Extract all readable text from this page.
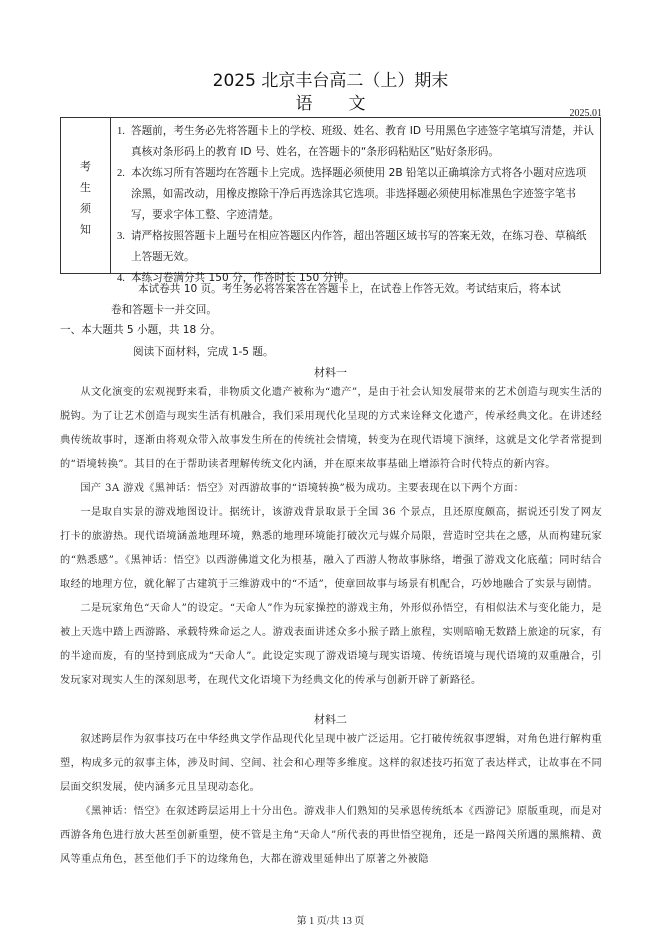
2025 北京丰台高二（上）期末
语 文	2025.01
考
生
须
知
1. 答题前，考生务必先将答题卡上的学校、班级、姓名、教育 ID 号用黑色字迹签字笔填写清楚，并认真核对条形码上的教育 ID 号、姓名，在答题卡的“条形码粘贴区”贴好条形码。
2. 本次练习所有答题均在答题卡上完成。选择题必须使用 2B 铅笔以正确填涂方式将各小题对应选项涂黑，如需改动，用橡皮擦除干净后再选涂其它选项。非选择题必须使用标准黑色字迹签字笔书写，要求字体工整、字迹清楚。
3. 请严格按照答题卡上题号在相应答题区内作答，超出答题区域书写的答案无效，在练习卷、草稿纸上答题无效。
4. 本练习卷满分共 150 分，作答时长 150 分钟。
本试卷共 10 页。考生务必将答案答在答题卡上，在试卷上作答无效。考试结束后，将本试
卷和答题卡一并交回。
一、本大题共 5 小题，共 18 分。
阅读下面材料，完成 1-5 题。
材料一

从文化演变的宏观视野来看，非物质文化遗产被称为“遗产”，是由于社会认知发展带来的艺术创造与现实生活的脱钩。为了让艺术创造与现实生活有机融合，我们采用现代化呈现的方式来诠释文化遗产，传承经典文化。在讲述经典传统故事时，逐渐由将观众带入故事发生所在的传统社会情境，转变为在现代语境下演绎，这就是文化学者常提到的“语境转换”。其目的在于帮助读者理解传统文化内涵，并在原来故事基础上增添符合时代特点的新内容。

国产 3A 游戏《黑神话：悟空》对西游故事的“语境转换”极为成功。主要表现在以下两个方面：

一是取自实景的游戏地图设计。据统计，该游戏背景取景于全国 36 个景点，且还原度颇高，据说还引发了网友打卡的旅游热。现代语境涵盖地理环境，熟悉的地理环境能打破次元与媒介局限，营造时空共在之感，从而构建玩家的“熟悉感”。《黑神话：悟空》以西游佛道文化为根基，融入了西游人物故事脉络，增强了游戏文化底蕴；同时结合取经的地理方位，就化解了古建筑于三维游戏中的“不适”，使章回故事与场景有机配合，巧妙地融合了实景与剧情。

二是玩家角色“天命人”的设定。“天命人”作为玩家操控的游戏主角，外形似孙悟空，有相似法术与变化能力，是被上天选中踏上西游路、承载特殊命运之人。游戏表面讲述众多小猴子踏上旅程，实则暗喻无数踏上旅途的玩家，有的半途而废，有的坚持到底成为“天命人”。此设定实现了游戏语境与现实语境、传统语境与现代语境的双重融合，引发玩家对现实人生的深刻思考，在现代文化语境下为经典文化的传承与创新开辟了新路径。

材料二

叙述跨层作为叙事技巧在中华经典文学作品现代化呈现中被广泛运用。它打破传统叙事逻辑，对角色进行解构重塑，构成多元的叙事主体，涉及时间、空间、社会和心理等多维度。这样的叙述技巧拓宽了表达样式，让故事在不同层面交织发展，使内涵多元且呈现动态化。

《黑神话：悟空》在叙述跨层运用上十分出色。游戏非人们熟知的吴承恩传统纸本《西游记》原版重现，而是对西游各角色进行放大甚至创新重塑，使不管是主角“天命人”所代表的再世悟空视角，还是一路闯关所遇的黑熊精、黄风等重点角色，甚至他们手下的边缘角色，大都在游戏里延伸出了原著之外被隐

第 1 页/共 13 页
